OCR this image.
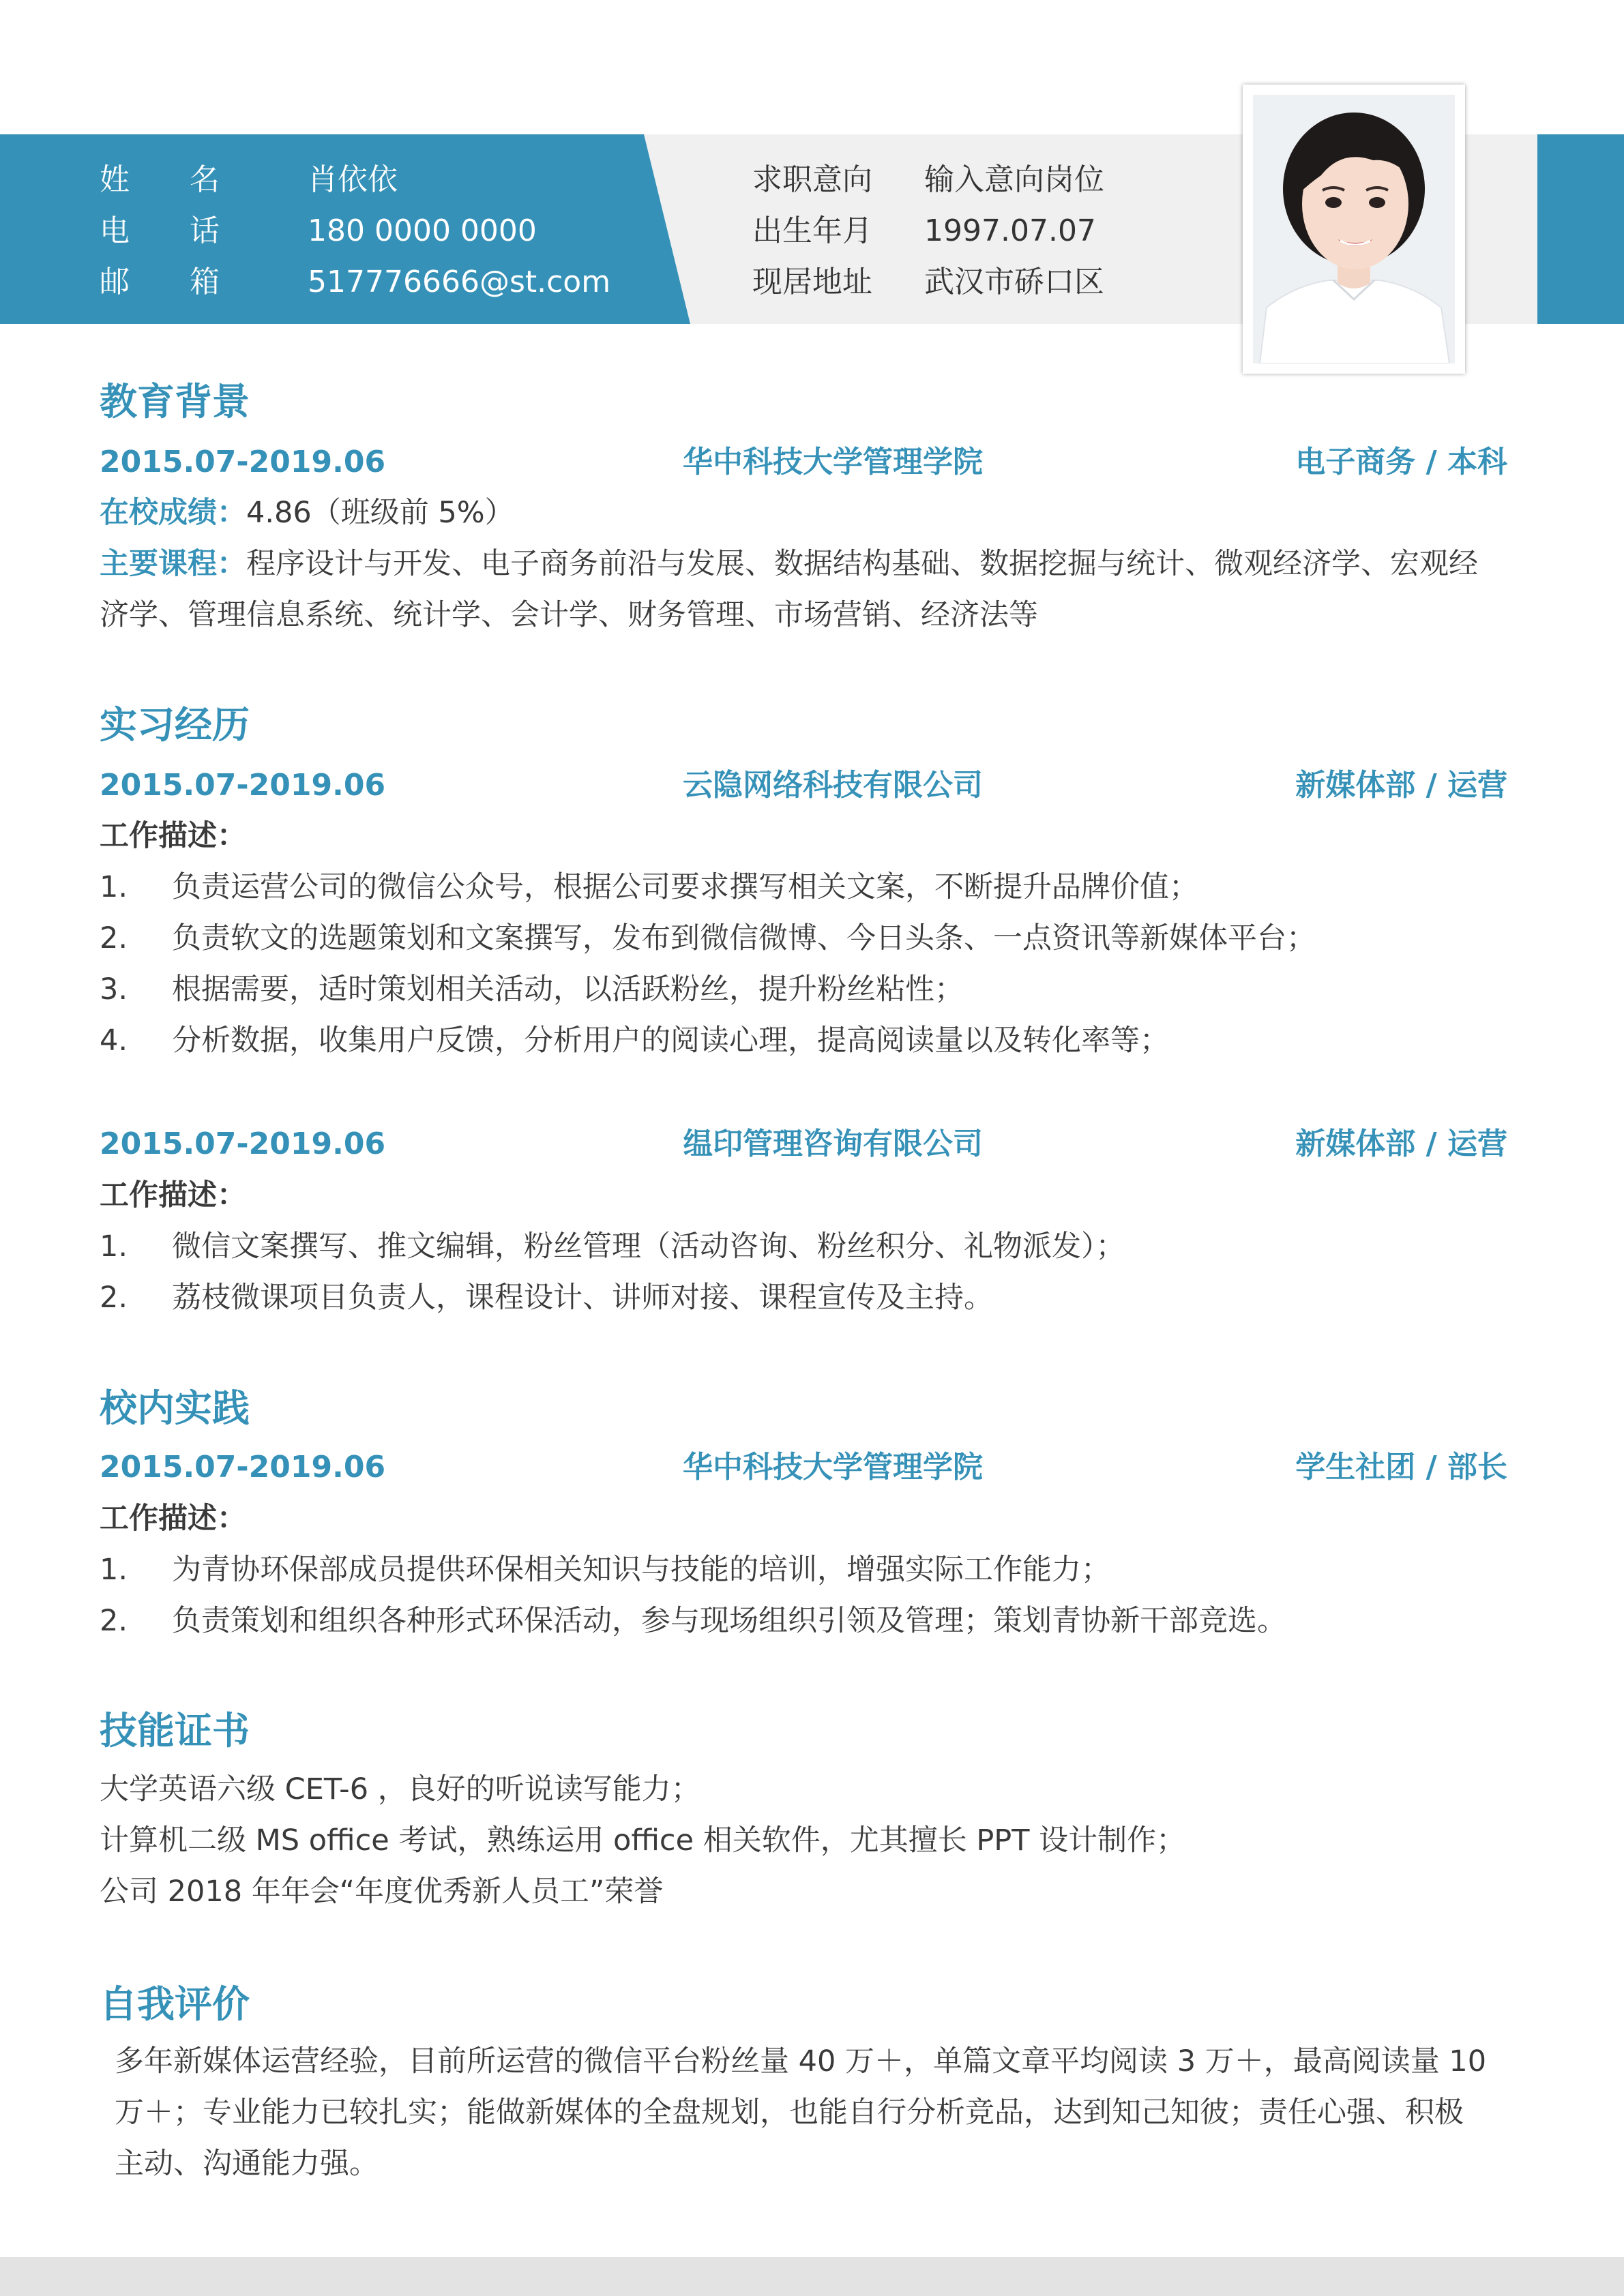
姓　　名	肖依依
电　　话	180 0000 0000
邮　　箱	517776666@st.com
求职意向 输入意向岗位
出生年月 1997.07.07
现居地址 武汉市硚口区
教育背景
2015.07-2019.06	华中科技大学管理学院	电子商务 / 本科
在校成绩：4.86（班级前 5%）
主要课程：程序设计与开发、电子商务前沿与发展、数据结构基础、数据挖掘与统计、微观经济学、宏观经
济学、管理信息系统、统计学、会计学、财务管理、市场营销、经济法等
实习经历
2015.07-2019.06	云隐网络科技有限公司	新媒体部 / 运营
工作描述：
1. 负责运营公司的微信公众号，根据公司要求撰写相关文案，不断提升品牌价值；
2. 负责软文的选题策划和文案撰写，发布到微信微博、今日头条、一点资讯等新媒体平台；
3. 根据需要，适时策划相关活动，以活跃粉丝，提升粉丝粘性；
4. 分析数据，收集用户反馈，分析用户的阅读心理，提高阅读量以及转化率等；
2015.07-2019.06	缊印管理咨询有限公司	新媒体部 / 运营
工作描述：
1. 微信文案撰写、推文编辑，粉丝管理（活动咨询、粉丝积分、礼物派发）；
2. 荔枝微课项目负责人，课程设计、讲师对接、课程宣传及主持。
校内实践
2015.07-2019.06	华中科技大学管理学院	学生社团 / 部长
工作描述：
1. 为青协环保部成员提供环保相关知识与技能的培训，增强实际工作能力；
2. 负责策划和组织各种形式环保活动，参与现场组织引领及管理；策划青协新干部竞选。
技能证书
大学英语六级 CET-6 ，良好的听说读写能力；
计算机二级 MS office 考试，熟练运用 office 相关软件，尤其擅长 PPT 设计制作；
公司 2018 年年会“年度优秀新人员工”荣誉
自我评价
多年新媒体运营经验，目前所运营的微信平台粉丝量 40 万＋，单篇文章平均阅读 3 万＋，最高阅读量 10
万＋；专业能力已较扎实；能做新媒体的全盘规划，也能自行分析竞品，达到知己知彼；责任心强、积极
主动、沟通能力强。
